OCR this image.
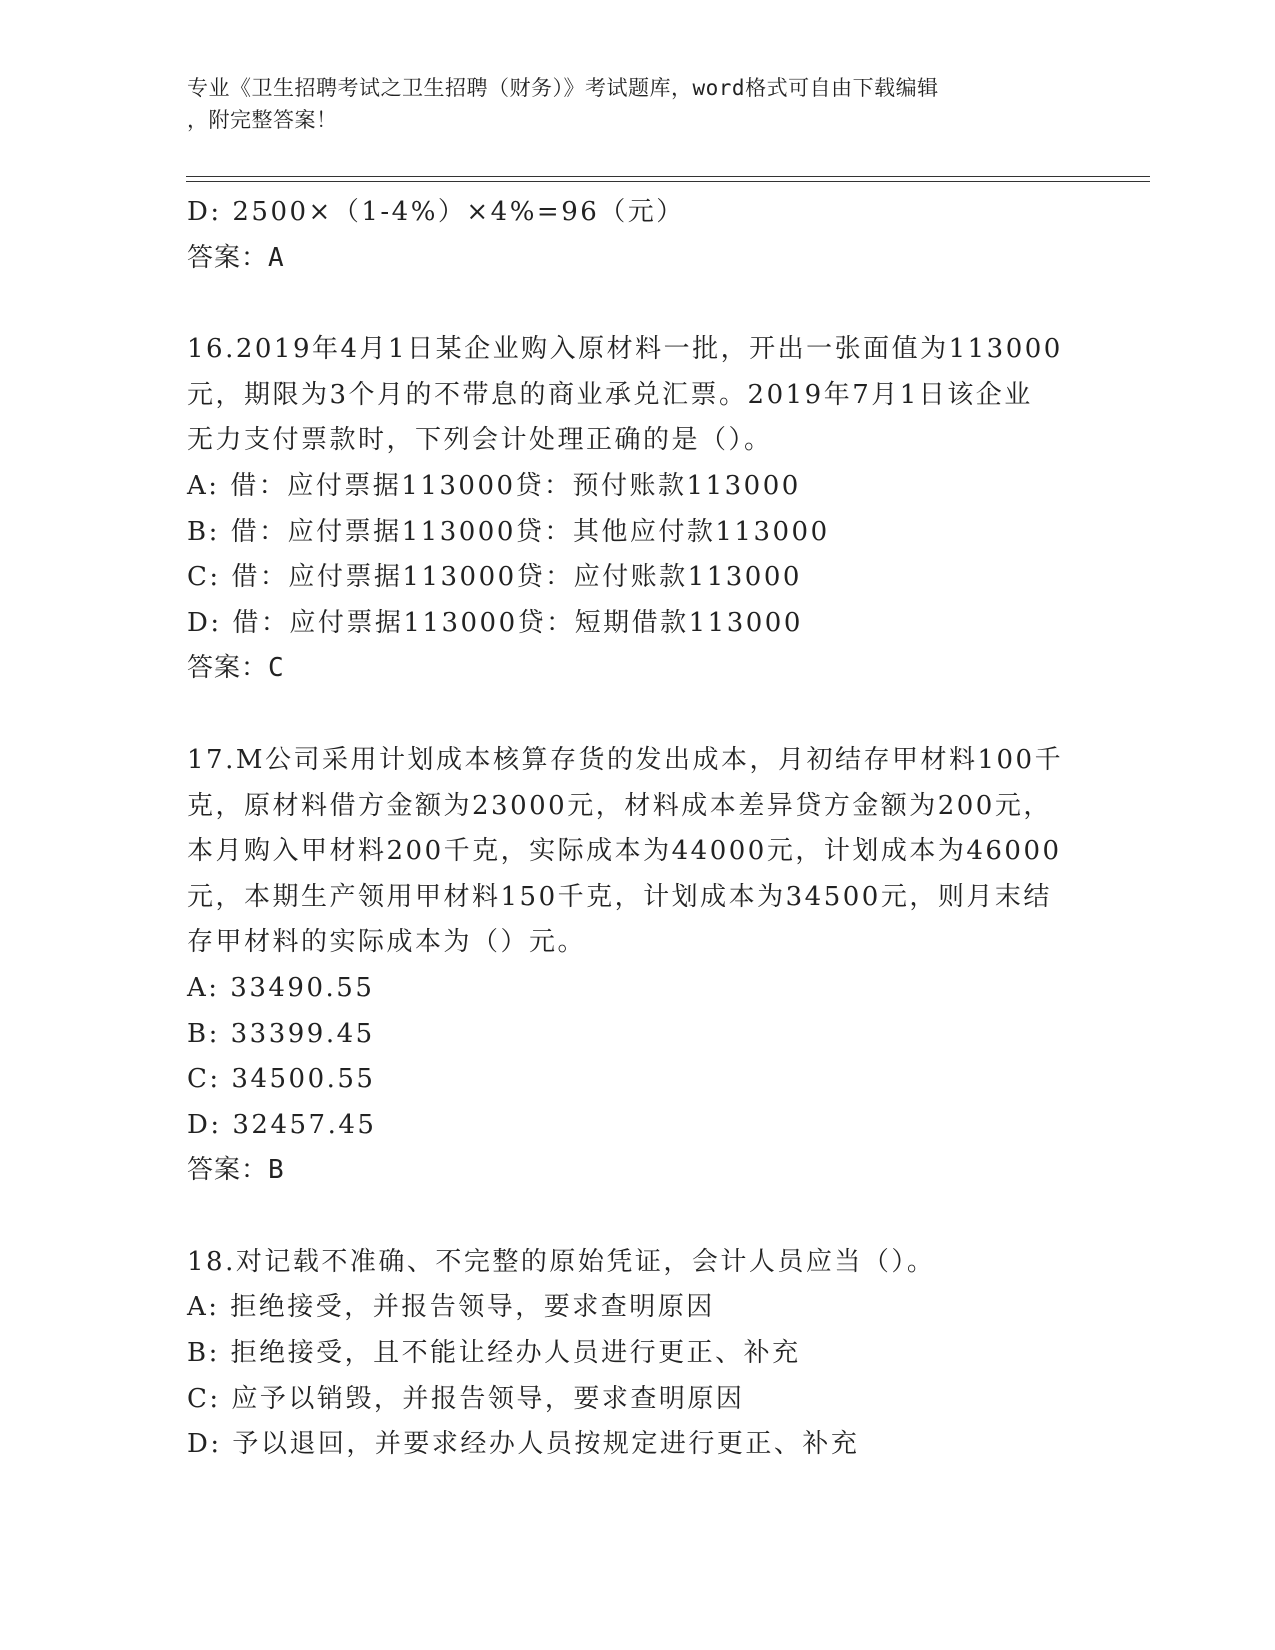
专业《卫生招聘考试之卫生招聘（财务）》考试题库，word格式可自由下载编辑
，附完整答案！
D: 2500×（1-4%）×4%=96（元）
答案：A
16.2019年4月1日某企业购入原材料一批，开出一张面值为113000
元，期限为3个月的不带息的商业承兑汇票。2019年7月1日该企业
无力支付票款时，下列会计处理正确的是（）。
A: 借：应付票据113000贷：预付账款113000
B: 借：应付票据113000贷：其他应付款113000
C: 借：应付票据113000贷：应付账款113000
D: 借：应付票据113000贷：短期借款113000
答案：C
17.M公司采用计划成本核算存货的发出成本，月初结存甲材料100千
克，原材料借方金额为23000元，材料成本差异贷方金额为200元，
本月购入甲材料200千克，实际成本为44000元，计划成本为46000
元，本期生产领用甲材料150千克，计划成本为34500元，则月末结
存甲材料的实际成本为（）元。
A: 33490.55
B: 33399.45
C: 34500.55
D: 32457.45
答案：B
18.对记载不准确、不完整的原始凭证，会计人员应当（）。
A: 拒绝接受，并报告领导，要求查明原因
B: 拒绝接受，且不能让经办人员进行更正、补充
C: 应予以销毁，并报告领导，要求查明原因
D: 予以退回，并要求经办人员按规定进行更正、补充
